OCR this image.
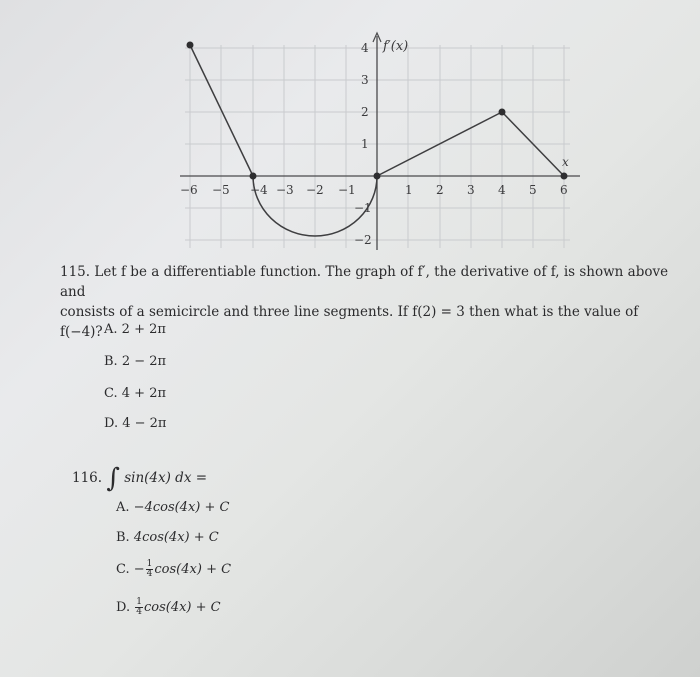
f′(x)
x
−6 −5 −4 −3 −2 −1	1 2 3 4 5 6
4
3
2
1
−1
−2
115. Let f be a differentiable function. The graph of f′, the derivative of f, is shown above and
consists of a semicircle and three line segments. If f(2) = 3 then what is the value of f(−4)? A. 2 + 2π
B. 2 − 2π
C. 4 + 2π
D. 4 − 2π
116. ∫ sin(4x) dx =
A. −4cos(4x) + C
B. 4cos(4x) + C
C. − $\frac{1}{4} \cos(4x) + C$
D. $\frac{1}{4} \cos(4x) + C$
